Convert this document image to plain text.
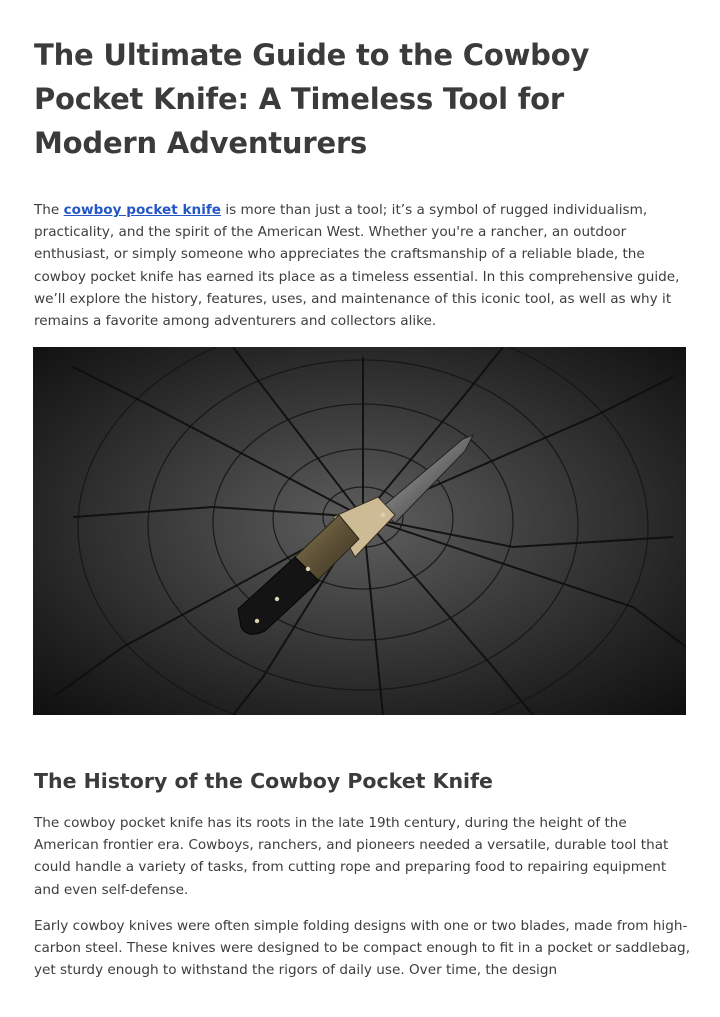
The Ultimate Guide to the Cowboy Pocket Knife: A Timeless Tool for Modern Adventurers

The cowboy pocket knife is more than just a tool; it’s a symbol of rugged individualism, practicality, and the spirit of the American West. Whether you're a rancher, an outdoor enthusiast, or simply someone who appreciates the craftsmanship of a reliable blade, the cowboy pocket knife has earned its place as a timeless essential. In this comprehensive guide, we’ll explore the history, features, uses, and maintenance of this iconic tool, as well as why it remains a favorite among adventurers and collectors alike.

The History of the Cowboy Pocket Knife

The cowboy pocket knife has its roots in the late 19th century, during the height of the American frontier era. Cowboys, ranchers, and pioneers needed a versatile, durable tool that could handle a variety of tasks, from cutting rope and preparing food to repairing equipment and even self-defense.

Early cowboy knives were often simple folding designs with one or two blades, made from high-carbon steel. These knives were designed to be compact enough to fit in a pocket or saddlebag, yet sturdy enough to withstand the rigors of daily use. Over time, the design
